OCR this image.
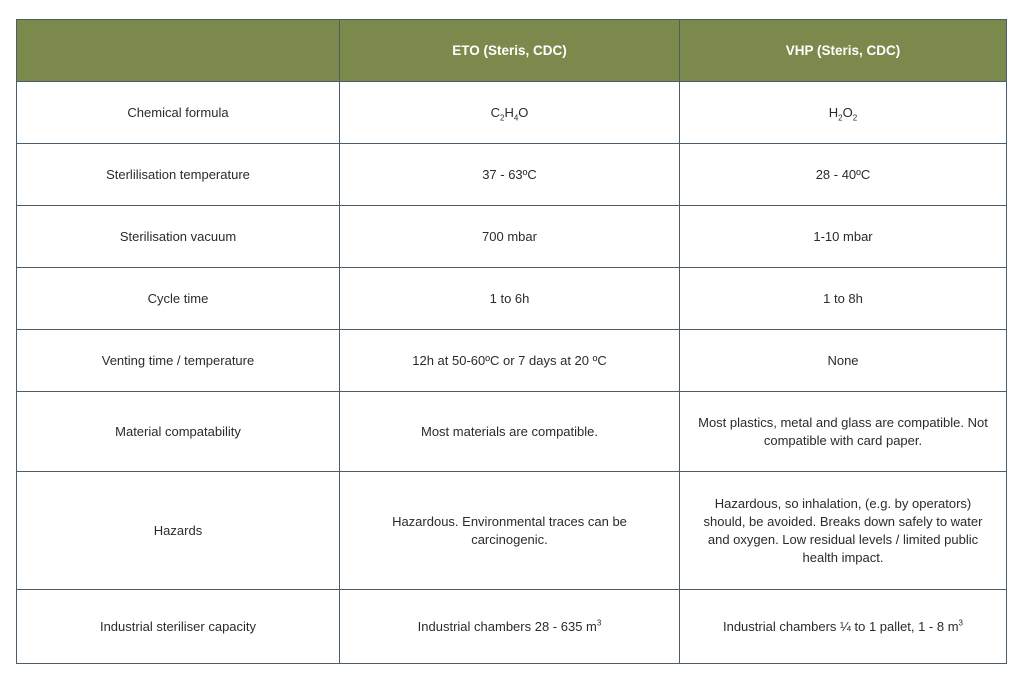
	ETO (Steris, CDC)	VHP (Steris, CDC)
Chemical formula	$C_2H_4O$	$H_2O_2$
Sterlilisation temperature	37 - 63ºC	28 - 40ºC
Sterilisation vacuum	700 mbar	1-10 mbar
Cycle time	1 to 6h	1 to 8h
Venting time / temperature	12h at 50-60ºC or 7 days at 20 ºC	None
Material compatability	Most materials are compatible.	Most plastics, metal and glass are compatible. Not compatible with card paper.
Hazards	Hazardous. Environmental traces can be carcinogenic.	Hazardous, so inhalation, (e.g. by operators) should, be avoided. Breaks down safely to water and oxygen. Low residual levels / limited public health impact.
Industrial steriliser capacity	Industrial chambers 28 - 635 $m^3$	Industrial chambers ¼ to 1 pallet, 1 - 8 $m^3$
